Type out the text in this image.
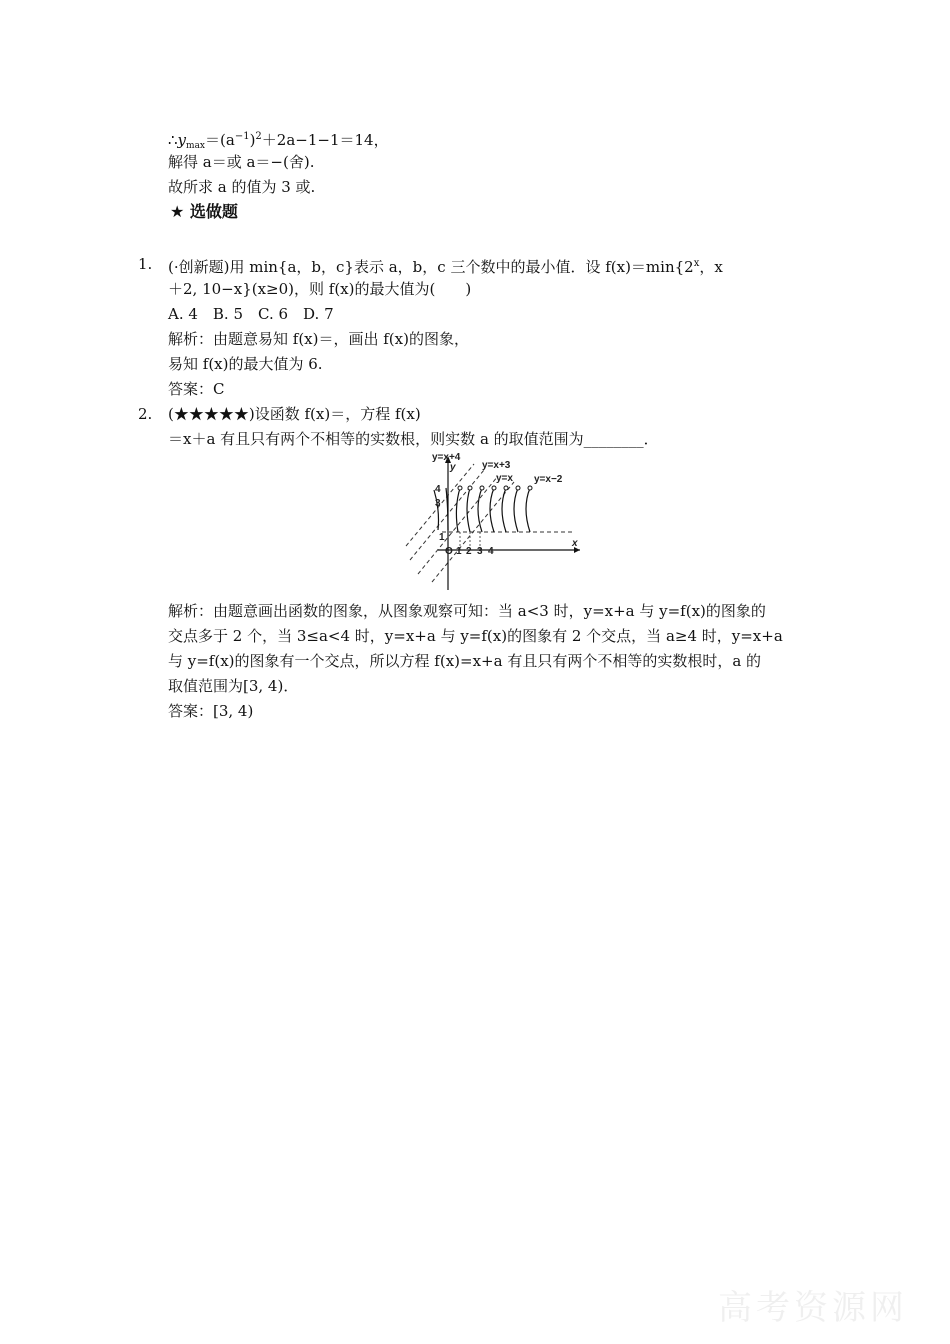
$\therefore y_{max}=(a^{-1})^2+2a-1-1=14$，
解得 a＝或 a＝−(舍).
故所求 a 的值为 3 或.
★ 选做题
1. (·创新题)用 min{a，b，c}表示 a，b，c 三个数中的最小值．设 $f(x)=\min\{2^x$，x
＋2, 10−x}(x≥0)，则 f(x)的最大值为(　　)
A. 4　B. 5　C. 6　D. 7
解析：由题意易知 f(x)＝，画出 f(x)的图象，
易知 f(x)的最大值为 6.
答案：C
2. (★★★★★)设函数 f(x)＝，方程 f(x)
＝x＋a 有且只有两个不相等的实数根，则实数 a 的取值范围为________．
y=x+4
y	y=x+3
y=x y=x−2
4
3
1
O 1 2 3 4
x
解析：由题意画出函数的图象，从图象观察可知：当 a<3 时，y=x+a 与 y=f(x)的图象的
交点多于 2 个，当 3≤a<4 时，y=x+a 与 y=f(x)的图象有 2 个交点，当 a≥4 时，y=x+a
与 y=f(x)的图象有一个交点，所以方程 f(x)=x+a 有且只有两个不相等的实数根时，a 的
取值范围为[3, 4)．
答案：[3, 4)
高考资源网
